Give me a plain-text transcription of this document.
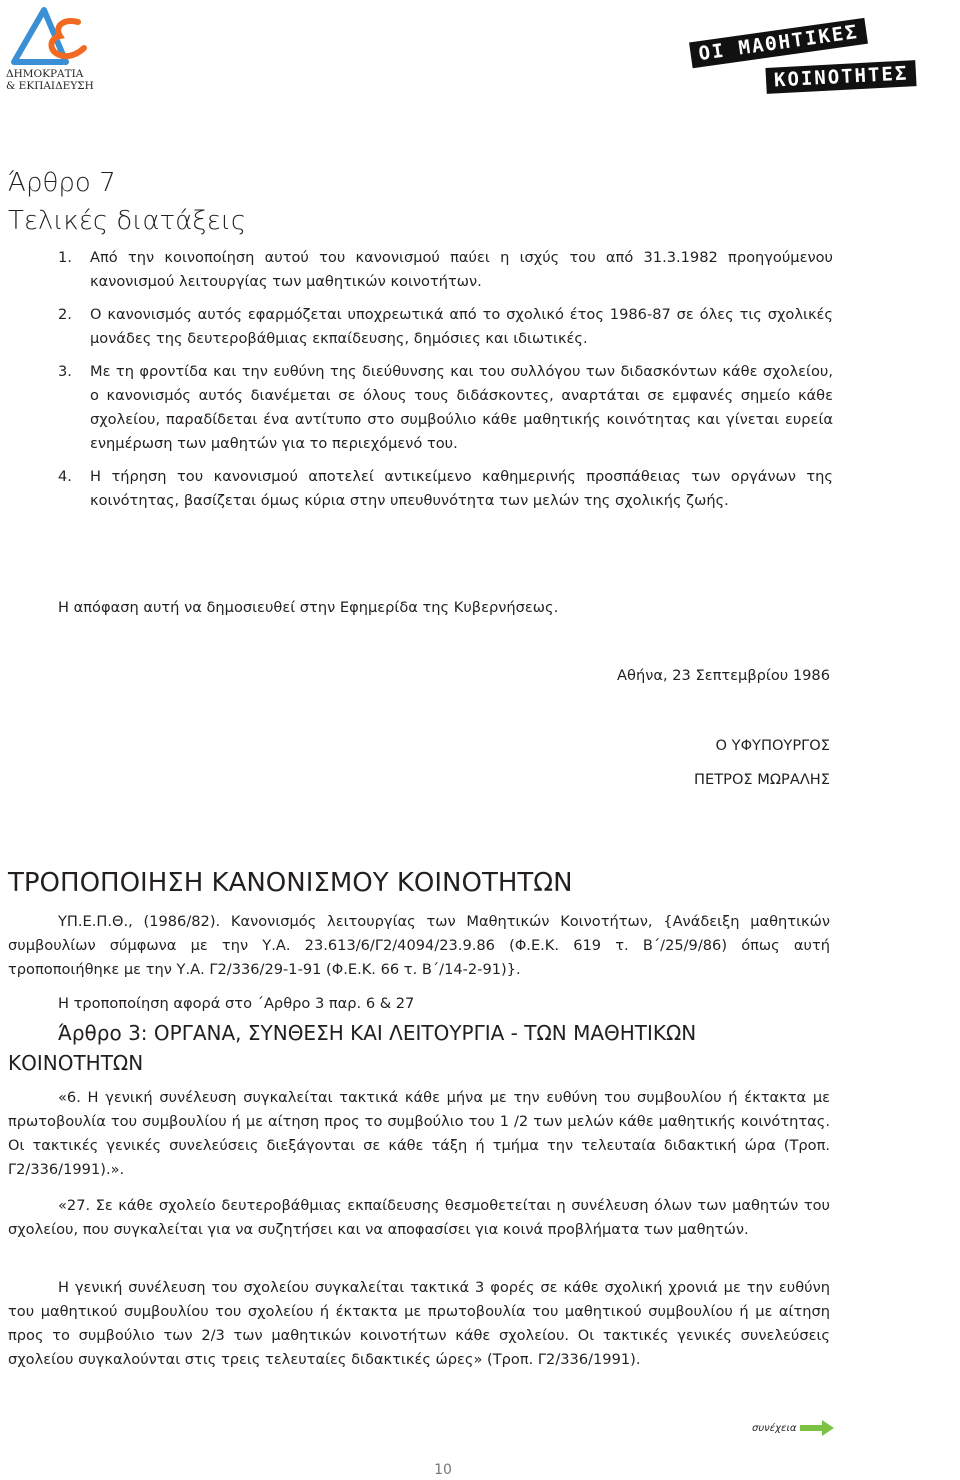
ΔΗΜΟΚΡΑΤΙΑ
& ΕΚΠΑΙΔΕΥΣΗ
ΟΙ ΜΑΘΗΤΙΚΕΣ
ΚΟΙΝΟΤΗΤΕΣ
Άρθρο 7
Τελικές διατάξεις
1.	Από την κοινοποίηση αυτού του κανονισμού παύει η ισχύς του από 31.3.1982 προηγούμενου κανονισμού λειτουργίας των μαθητικών κοινοτήτων.
2.	Ο κανονισμός αυτός εφαρμόζεται υποχρεωτικά από το σχολικό έτος 1986-87 σε όλες τις σχολικές μονάδες της δευτεροβάθμιας εκπαίδευσης, δημόσιες και ιδιωτικές.
3.	Με τη φροντίδα και την ευθύνη της διεύθυνσης και του συλλόγου των διδασκόντων κάθε σχολείου, ο κανονισμός αυτός διανέμεται σε όλους τους διδάσκοντες, αναρτάται σε εμφανές σημείο κάθε σχολείου, παραδίδεται ένα αντίτυπο στο συμβούλιο κάθε μαθητικής κοινότητας και γίνεται ευρεία ενημέρωση των μαθητών για το περιεχόμενό του.
4.	Η τήρηση του κανονισμού αποτελεί αντικείμενο καθημερινής προσπάθειας των οργάνων της κοινότητας, βασίζεται όμως κύρια στην υπευθυνότητα των μελών της σχολικής ζωής.
Η απόφαση αυτή να δημοσιευθεί στην Εφημερίδα της Κυβερνήσεως.
Αθήνα, 23 Σεπτεμβρίου 1986
Ο ΥΦΥΠΟΥΡΓΟΣ
ΠΕΤΡΟΣ ΜΩΡΑΛΗΣ
ΤΡΟΠΟΠΟΙΗΣΗ ΚΑΝΟΝΙΣΜΟΥ ΚΟΙΝΟΤΗΤΩΝ
ΥΠ.Ε.Π.Θ., (1986/82). Κανονισμός λειτουργίας των Μαθητικών Κοινοτήτων, {Ανάδειξη μαθητικών συμβουλίων σύμφωνα με την Υ.Α. 23.613/6/Γ2/4094/23.9.86 (Φ.Ε.Κ. 619 τ. Β΄/25/9/86) όπως αυτή τροποποιήθηκε με την Υ.Α. Γ2/336/29-1-91 (Φ.Ε.Κ. 66 τ. Β΄/14-2-91)}.
Η τροποποίηση αφορά στο ΄Αρθρο 3 παρ. 6 & 27
Άρθρο 3: ΟΡΓΑΝΑ, ΣΥΝΘΕΣΗ ΚΑΙ ΛΕΙΤΟΥΡΓΙΑ - ΤΩΝ ΜΑΘΗΤΙΚΩΝ ΚΟΙΝΟΤΗΤΩΝ
«6. Η γενική συνέλευση συγκαλείται τακτικά κάθε μήνα με την ευθύνη του συμβουλίου ή έκτακτα με πρωτοβουλία του συμβουλίου ή με αίτηση προς το συμβούλιο του 1 /2 των μελών κάθε μαθητικής κοινότητας. Οι τακτικές γενικές συνελεύσεις διεξάγονται σε κάθε τάξη ή τμήμα την τελευταία διδακτική ώρα (Τροπ. Γ2/336/1991).».
«27. Σε κάθε σχολείο δευτεροβάθμιας εκπαίδευσης θεσμοθετείται η συνέλευση όλων των μαθητών του σχολείου, που συγκαλείται για να συζητήσει και να αποφασίσει για κοινά προβλήματα των μαθητών.
Η γενική συνέλευση του σχολείου συγκαλείται τακτικά 3 φορές σε κάθε σχολική χρονιά με την ευθύνη του μαθητικού συμβουλίου του σχολείου ή έκτακτα με πρωτοβουλία του μαθητικού συμβουλίου ή με αίτηση προς το συμβούλιο των 2/3 των μαθητικών κοινοτήτων κάθε σχολείου. Οι τακτικές γενικές συνελεύσεις σχολείου συγκαλούνται στις τρεις τελευταίες διδακτικές ώρες» (Τροπ. Γ2/336/1991).
συνέχεια
10
